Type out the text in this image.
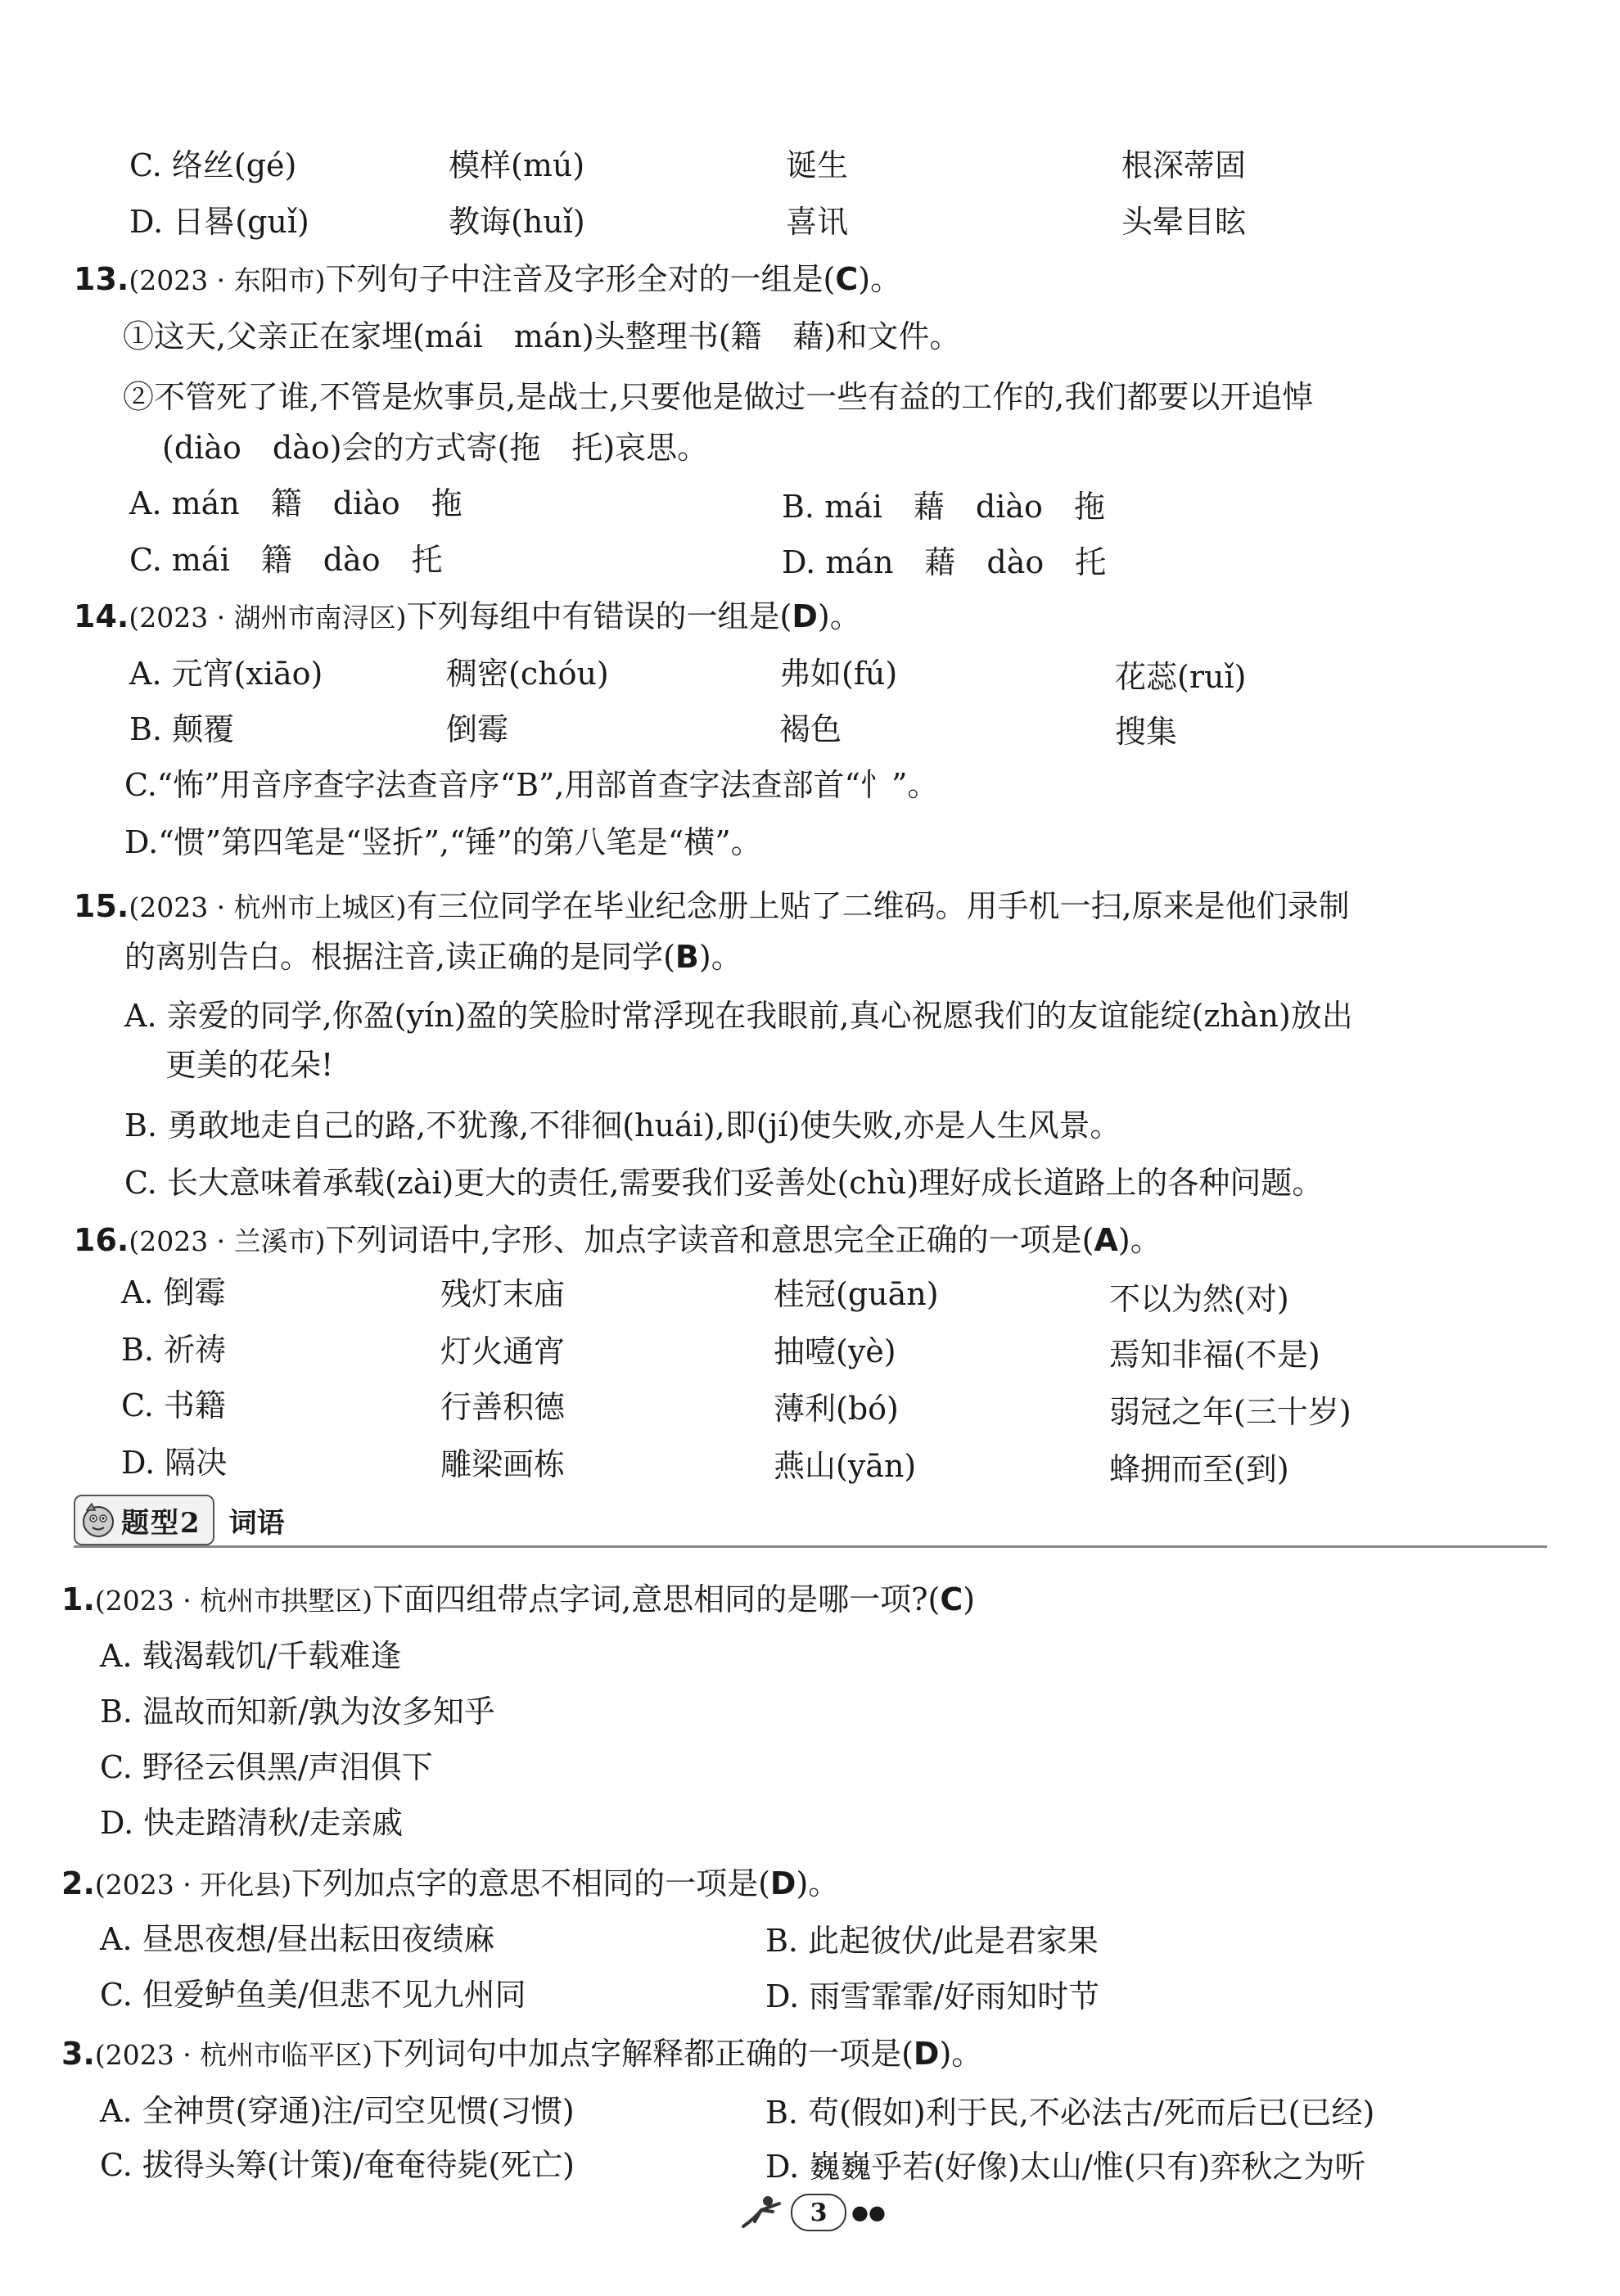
C. 络丝(gé)	模样(mú)	诞生	根深蒂固
D. 日晷(guǐ)	教诲(huǐ)	喜讯	头晕目眩
13.(2023 · 东阳市)下列句子中注音及字形全对的一组是(C)。
①这天,父亲正在家埋(mái　mán)头整理书(籍　藉)和文件。
②不管死了谁,不管是炊事员,是战士,只要他是做过一些有益的工作的,我们都要以开追悼
(diào　dào)会的方式寄(拖　托)哀思。
A. mán　籍　diào　拖	B. mái　藉　diào　拖
C. mái　籍　dào　托	D. mán　藉　dào　托
14.(2023 · 湖州市南浔区)下列每组中有错误的一组是(D)。
A. 元宵(xiāo)	稠密(chóu)	弗如(fú)	花蕊(ruǐ)
B. 颠覆	倒霉	褐色	搜集
C.“怖”用音序查字法查音序“B”,用部首查字法查部首“忄”。
D.“惯”第四笔是“竖折”,“锤”的第八笔是“横”。
15.(2023 · 杭州市上城区)有三位同学在毕业纪念册上贴了二维码。用手机一扫,原来是他们录制
的离别告白。根据注音,读正确的是同学(B)。
A. 亲爱的同学,你盈(yín)盈的笑脸时常浮现在我眼前,真心祝愿我们的友谊能绽(zhàn)放出
更美的花朵!
B. 勇敢地走自己的路,不犹豫,不徘徊(huái),即(jí)使失败,亦是人生风景。
C. 长大意味着承载(zài)更大的责任,需要我们妥善处(chù)理好成长道路上的各种问题。
16.(2023 · 兰溪市)下列词语中,字形、加点字读音和意思完全正确的一项是(A)。
A. 倒霉	残灯末庙	桂冠(guān)	不以为然(对)
B. 祈祷	灯火通宵	抽噎(yè)	焉知非福(不是)
C. 书籍	行善积德	薄利(bó)	弱冠之年(三十岁)
D. 隔决	雕梁画栋	燕山(yān)	蜂拥而至(到)
题型2 词语
1.(2023 · 杭州市拱墅区)下面四组带点字词,意思相同的是哪一项?(C)
A. 载渴载饥/千载难逢
B. 温故而知新/孰为汝多知乎
C. 野径云俱黑/声泪俱下
D. 快走踏清秋/走亲戚
2.(2023 · 开化县)下列加点字的意思不相同的一项是(D)。
A. 昼思夜想/昼出耘田夜绩麻	B. 此起彼伏/此是君家果
C. 但爱鲈鱼美/但悲不见九州同	D. 雨雪霏霏/好雨知时节
3.(2023 · 杭州市临平区)下列词句中加点字解释都正确的一项是(D)。
A. 全神贯(穿通)注/司空见惯(习惯)	B. 苟(假如)利于民,不必法古/死而后已(已经)
C. 拔得头筹(计策)/奄奄待毙(死亡)	D. 巍巍乎若(好像)太山/惟(只有)弈秋之为听
3	●●
